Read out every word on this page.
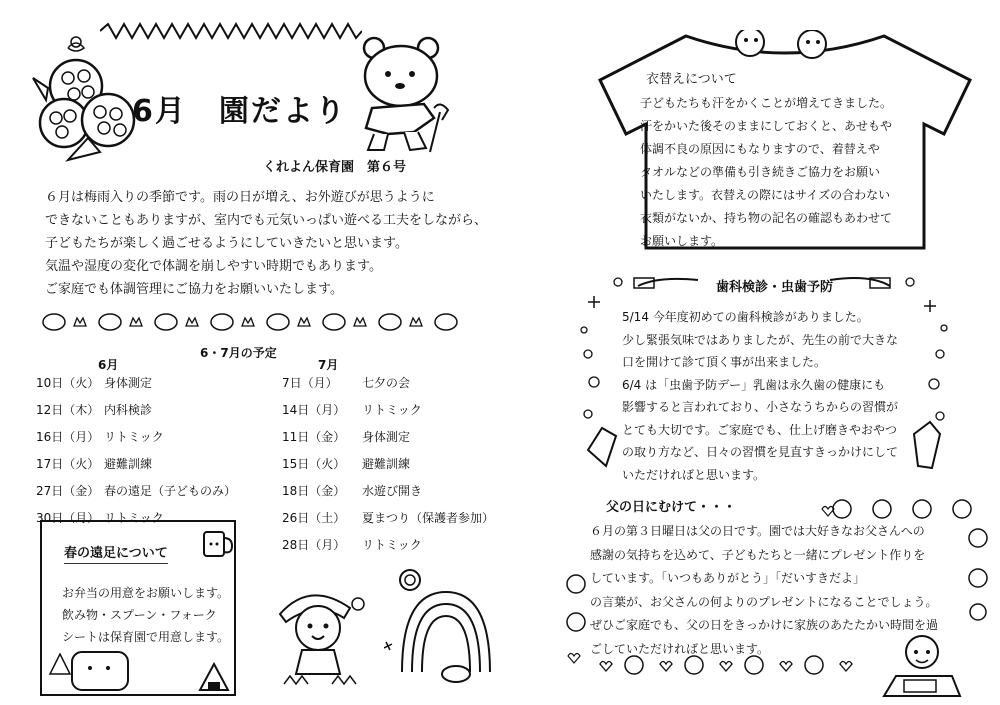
6月　園だより
くれよん保育園　第６号
６月は梅雨入りの季節です。雨の日が増え、お外遊びが思うように
できないこともありますが、室内でも元気いっぱい遊べる工夫をしながら、
子どもたちが楽しく過ごせるようにしていきたいと思います。
気温や湿度の変化で体調を崩しやすい時期でもあります。
ご家庭でも体調管理にご協力をお願いいたします。
6・7月の予定
6月	7月
10日（火） 身体測定
12日（木） 内科検診
16日（月） リトミック
17日（火） 避難訓練
27日（金） 春の遠足（子どものみ）
30日（月） リトミック
7日（月） 七夕の会
14日（月） リトミック
11日（金） 身体測定
15日（火） 避難訓練
18日（金） 水遊び開き
26日（土） 夏まつり（保護者参加）
28日（月） リトミック
春の遠足について
お弁当の用意をお願いします。
飲み物・スプーン・フォーク
シートは保育園で用意します。
衣替えについて
子どもたちも汗をかくことが増えてきました。
汗をかいた後そのままにしておくと、あせもや
体調不良の原因にもなりますので、着替えや
タオルなどの準備も引き続きご協力をお願い
いたします。衣替えの際にはサイズの合わない
衣類がないか、持ち物の記名の確認もあわせて
お願いします。
歯科検診・虫歯予防
5/14 今年度初めての歯科検診がありました。
少し緊張気味ではありましたが、先生の前で大きな
口を開けて診て頂く事が出来ました。
6/4 は「虫歯予防デー」乳歯は永久歯の健康にも
影響すると言われており、小さなうちからの習慣が
とても大切です。ご家庭でも、仕上げ磨きやおやつ
の取り方など、日々の習慣を見直すきっかけにして
いただければと思います。
父の日にむけて・・・
６月の第３日曜日は父の日です。園では大好きなお父さんへの
感謝の気持ちを込めて、子どもたちと一緒にプレゼント作りを
しています。「いつもありがとう」「だいすきだよ」
の言葉が、お父さんの何よりのプレゼントになることでしょう。
ぜひご家庭でも、父の日をきっかけに家族のあたたかい時間を過
ごしていただければと思います。
